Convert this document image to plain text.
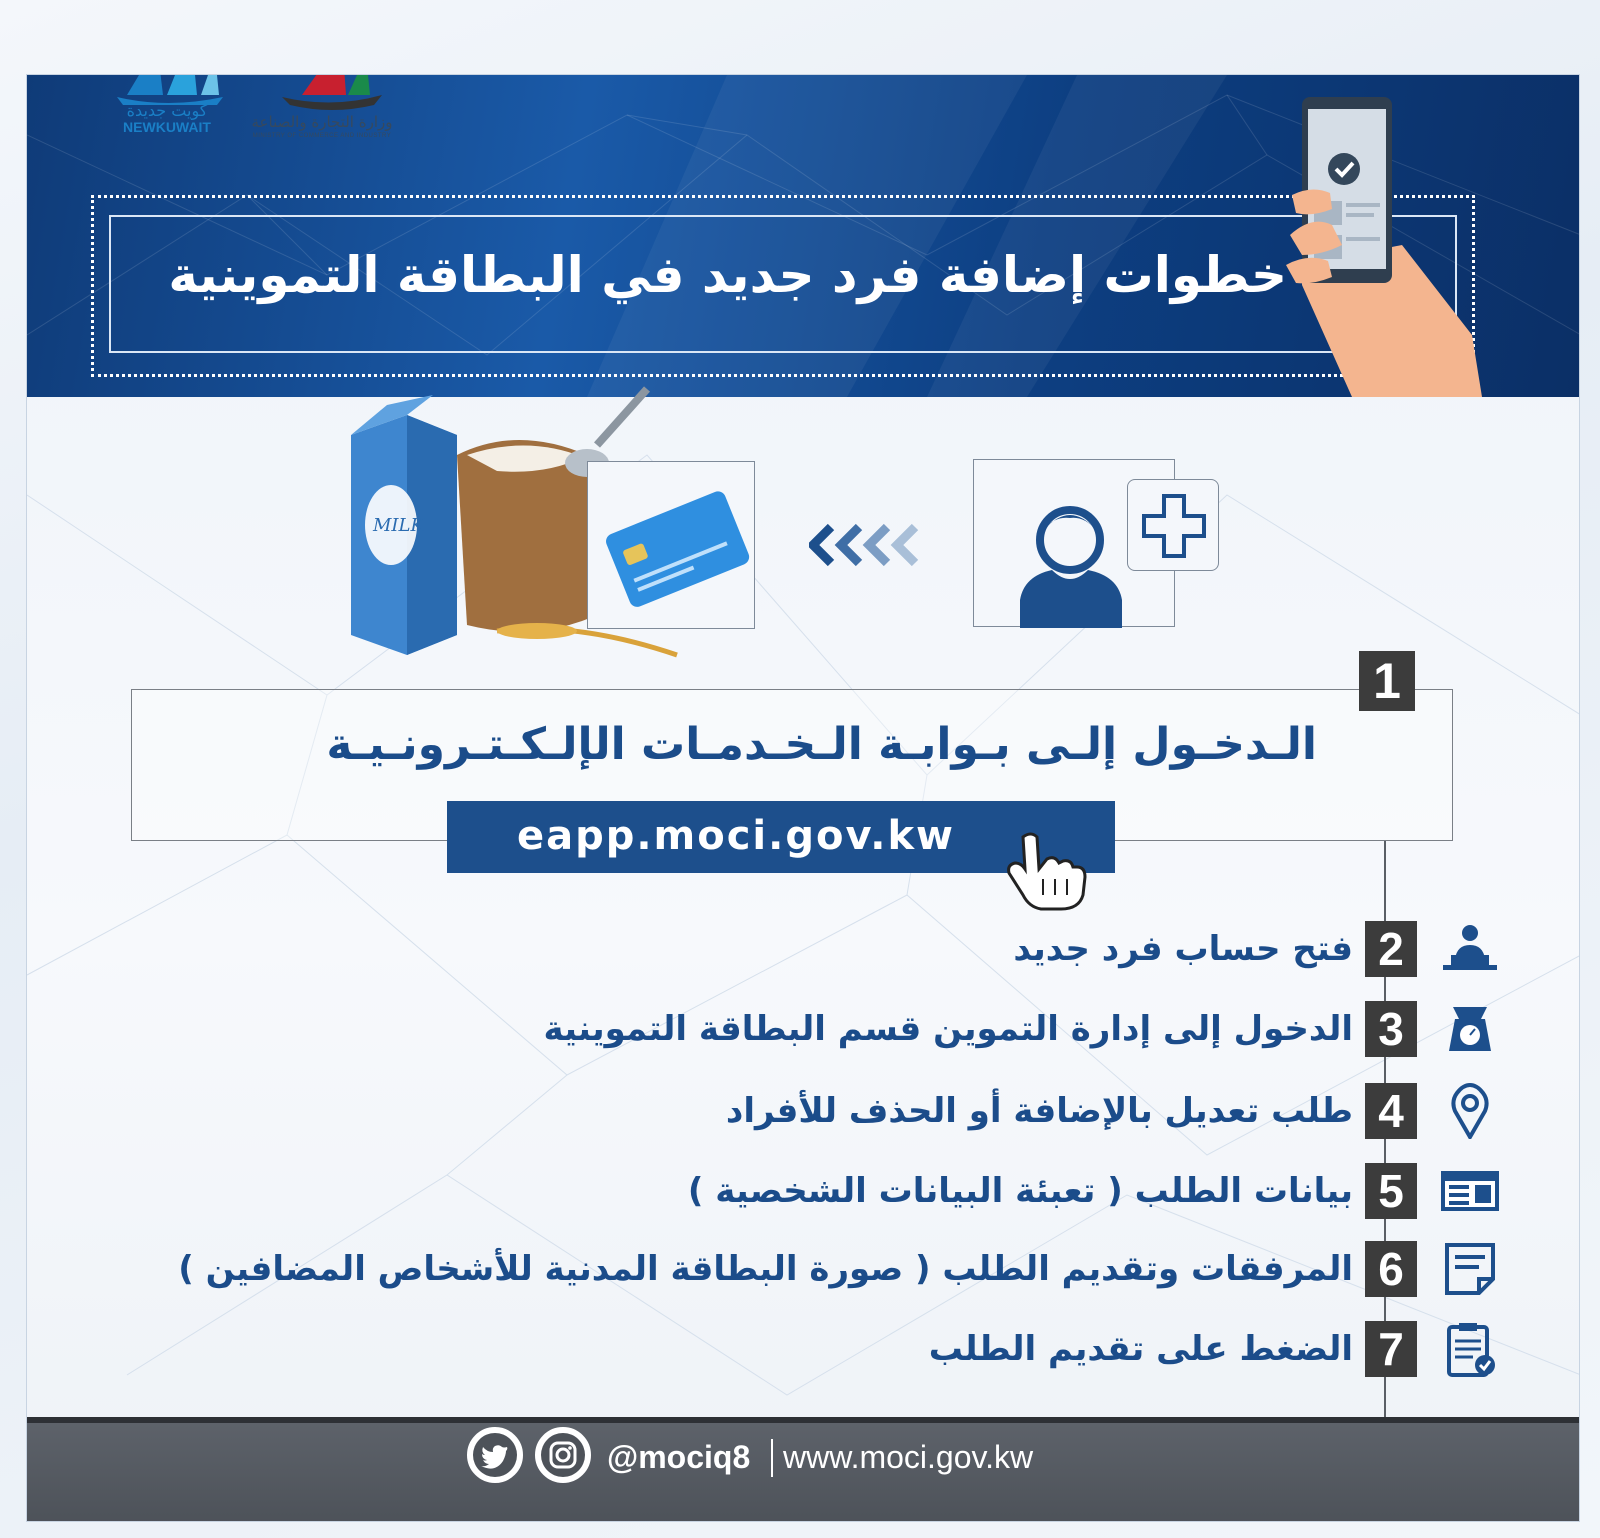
خطوات إضافة فرد جديد في البطاقة التموينية
كويت جديدة
NEWKUWAIT	وزارة التجارة والصناعة
MINISTRY OF COMMERCE AND INDUSTRY
MILK
1
الـدخـول إلـى بـوابـة الـخـدمـات الإلـكـتـرونـيـة
eapp.moci.gov.kw
فتح حساب فرد جديد 2
الدخول إلى إدارة التموين قسم البطاقة التموينية 3
طلب تعديل بالإضافة أو الحذف للأفراد 4
بيانات الطلب ( تعبئة البيانات الشخصية ) 5
المرفقات وتقديم الطلب ( صورة البطاقة المدنية للأشخاص المضافين ) 6
الضغط على تقديم الطلب 7
@mociq8 www.moci.gov.kw
